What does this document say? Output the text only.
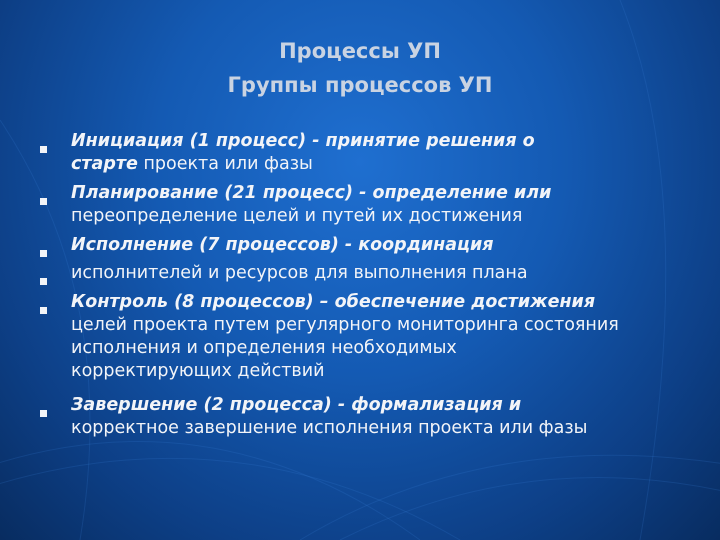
Процессы УП
Группы процессов УП
Инициация (1 процесс) - принятие решения о
старте проекта или фазы
Планирование (21 процесс) - определение или
переопределение целей и путей их достижения
Исполнение (7 процессов) - координация
исполнителей и ресурсов для выполнения плана
Контроль (8 процессов) – обеспечение достижения
целей проекта путем регулярного мониторинга состояния
исполнения и определения необходимых
корректирующих действий
Завершение (2 процесса) - формализация и
корректное завершение исполнения проекта или фазы
